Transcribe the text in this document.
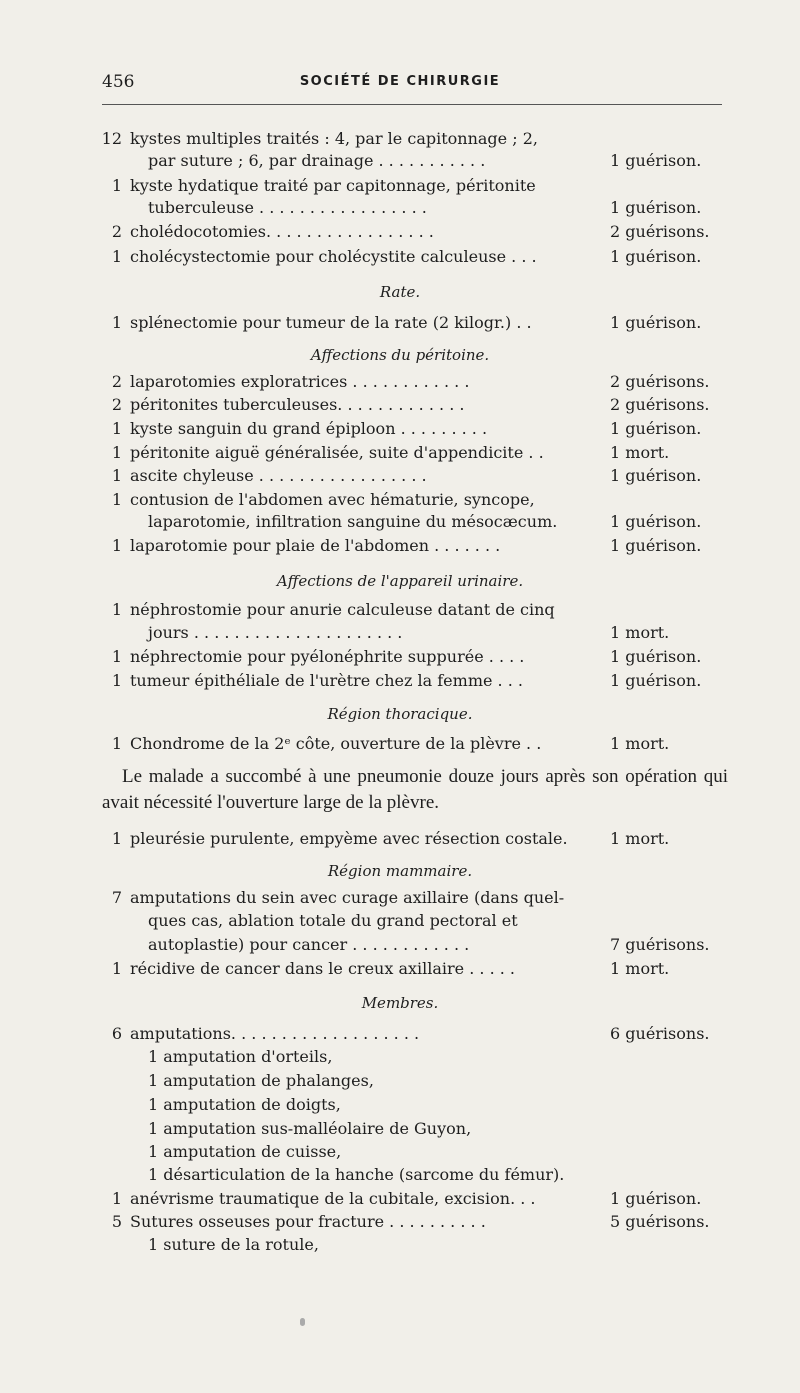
456	SOCIÉTÉ DE CHIRURGIE
12 kystes multiples traités : 4, par le capitonnage ; 2,
par suture ; 6, par drainage . . . . . . . . . . .	1 guérison.
1 kyste hydatique traité par capitonnage, péritonite
tuberculeuse . . . . . . . . . . . . . . . . .	1 guérison.
2 cholédocotomies. . . . . . . . . . . . . . . . .	2 guérisons.
1 cholécystectomie pour cholécystite calculeuse . . .	1 guérison.
1 splénectomie pour tumeur de la rate (2 kilogr.) . .	1 guérison.
2 laparotomies exploratrices . . . . . . . . . . . .	2 guérisons.
2 péritonites tuberculeuses. . . . . . . . . . . . .	2 guérisons.
1 kyste sanguin du grand épiploon . . . . . . . . .	1 guérison.
1 péritonite aiguë généralisée, suite d'appendicite . .	1 mort.
1 ascite chyleuse . . . . . . . . . . . . . . . . .	1 guérison.
1 contusion de l'abdomen avec hématurie, syncope,
laparotomie, infiltration sanguine du mésocæcum.	1 guérison.
1 laparotomie pour plaie de l'abdomen . . . . . . .	1 guérison.
1 néphrostomie pour anurie calculeuse datant de cinq
jours . . . . . . . . . . . . . . . . . . . . .	1 mort.
1 néphrectomie pour pyélonéphrite suppurée . . . .	1 guérison.
1 tumeur épithéliale de l'urètre chez la femme . . .	1 guérison.
1 Chondrome de la 2ᵉ côte, ouverture de la plèvre . .	1 mort.
1 pleurésie purulente, empyème avec résection costale.	1 mort.
7 amputations du sein avec curage axillaire (dans quel-
ques cas, ablation totale du grand pectoral et
autoplastie) pour cancer . . . . . . . . . . . .	7 guérisons.
1 récidive de cancer dans le creux axillaire . . . . .	1 mort.
6 amputations. . . . . . . . . . . . . . . . . . .	6 guérisons.
1 amputation d'orteils,
1 amputation de phalanges,
1 amputation de doigts,
1 amputation sus-malléolaire de Guyon,
1 amputation de cuisse,
1 désarticulation de la hanche (sarcome du fémur).
1 anévrisme traumatique de la cubitale, excision. . .	1 guérison.
5 Sutures osseuses pour fracture . . . . . . . . . .	5 guérisons.
1 suture de la rotule,
Rate.
Affections du péritoine.
Affections de l'appareil urinaire.
Région thoracique.
Région mammaire.
Membres.
Le malade a succombé à une pneumonie douze jours après son opération qui avait nécessité l'ouverture large de la plèvre.
